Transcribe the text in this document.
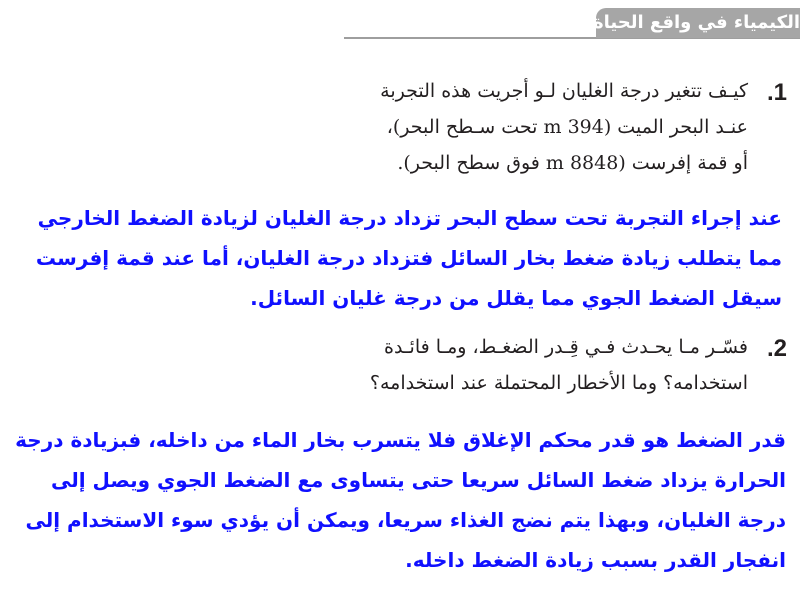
الكيمياء في واقع الحياة
1.
كيـف تتغير درجة الغليان لـو أجريت هذه التجربة
عنـد البحر الميت (394 m تحت سـطح البحر)،
أو قمة إفرست (8848 m فوق سطح البحر).
عند إجراء التجربة تحت سطح البحر تزداد درجة الغليان لزيادة الضغط الخارجي
مما يتطلب زيادة ضغط بخار السائل فتزداد درجة الغليان، أما عند قمة إفرست
سيقل الضغط الجوي مما يقلل من درجة غليان السائل.
2.
فسّـر مـا يحـدث فـي قِـدر الضغـط، ومـا فائـدة
استخدامه؟ وما الأخطار المحتملة عند استخدامه؟
قدر الضغط هو قدر محكم الإغلاق فلا يتسرب بخار الماء من داخله، فبزيادة درجة
الحرارة يزداد ضغط السائل سريعا حتى يتساوى مع الضغط الجوي ويصل إلى
درجة الغليان، وبهذا يتم نضج الغذاء سريعا، ويمكن أن يؤدي سوء الاستخدام إلى
انفجار القدر بسبب زيادة الضغط داخله.
